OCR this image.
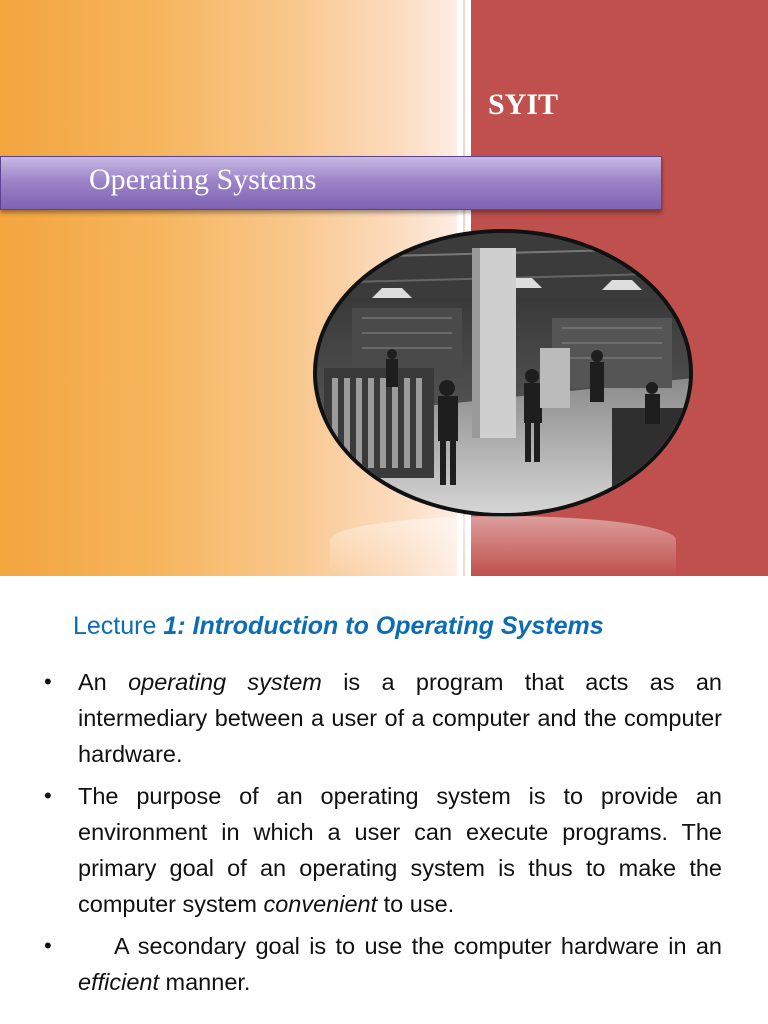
SYIT
Operating Systems
Lecture 1: Introduction to Operating Systems
• An operating system is a program that acts as an intermediary between a user of a computer and the computer hardware.
• The purpose of an operating system is to provide an environment in which a user can execute programs. The primary goal of an operating system is thus to make the computer system convenient to use.
•	A secondary goal is to use the computer hardware in an efficient manner.
